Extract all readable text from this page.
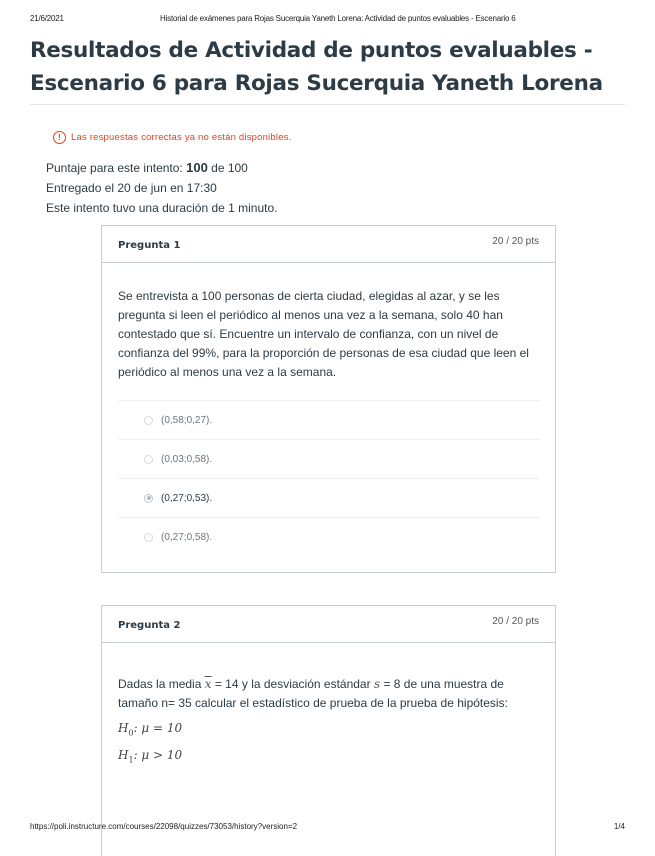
21/6/2021	Historial de exámenes para Rojas Sucerquia Yaneth Lorena: Actividad de puntos evaluables - Escenario 6
Resultados de Actividad de puntos evaluables -
Escenario 6 para Rojas Sucerquia Yaneth Lorena
!	Las respuestas correctas ya no están disponibles.
Puntaje para este intento: 100 de 100
Entregado el 20 de jun en 17:30
Este intento tuvo una duración de 1 minuto.
Pregunta 1	20 / 20 pts

Se entrevista a 100 personas de cierta ciudad, elegidas al azar, y se les pregunta si leen el periódico al menos una vez a la semana, solo 40 han contestado que sí. Encuentre un intervalo de confianza, con un nivel de confianza del 99%, para la proporción de personas de esa ciudad que leen el periódico al menos una vez a la semana.

(0,58;0,27).
(0,03;0,58).
(0,27;0,53).
(0,27;0,58).
Pregunta 2	20 / 20 pts

Dadas la media $\overline{x} = 14$ y la desviación estándar s = 8 de una muestra de tamaño n= 35 calcular el estadístico de prueba de la prueba de hipótesis:

$H_0$: μ = 10
$H_1$: μ > 10
https://poli.instructure.com/courses/22098/quizzes/73053/history?version=2	1/4
